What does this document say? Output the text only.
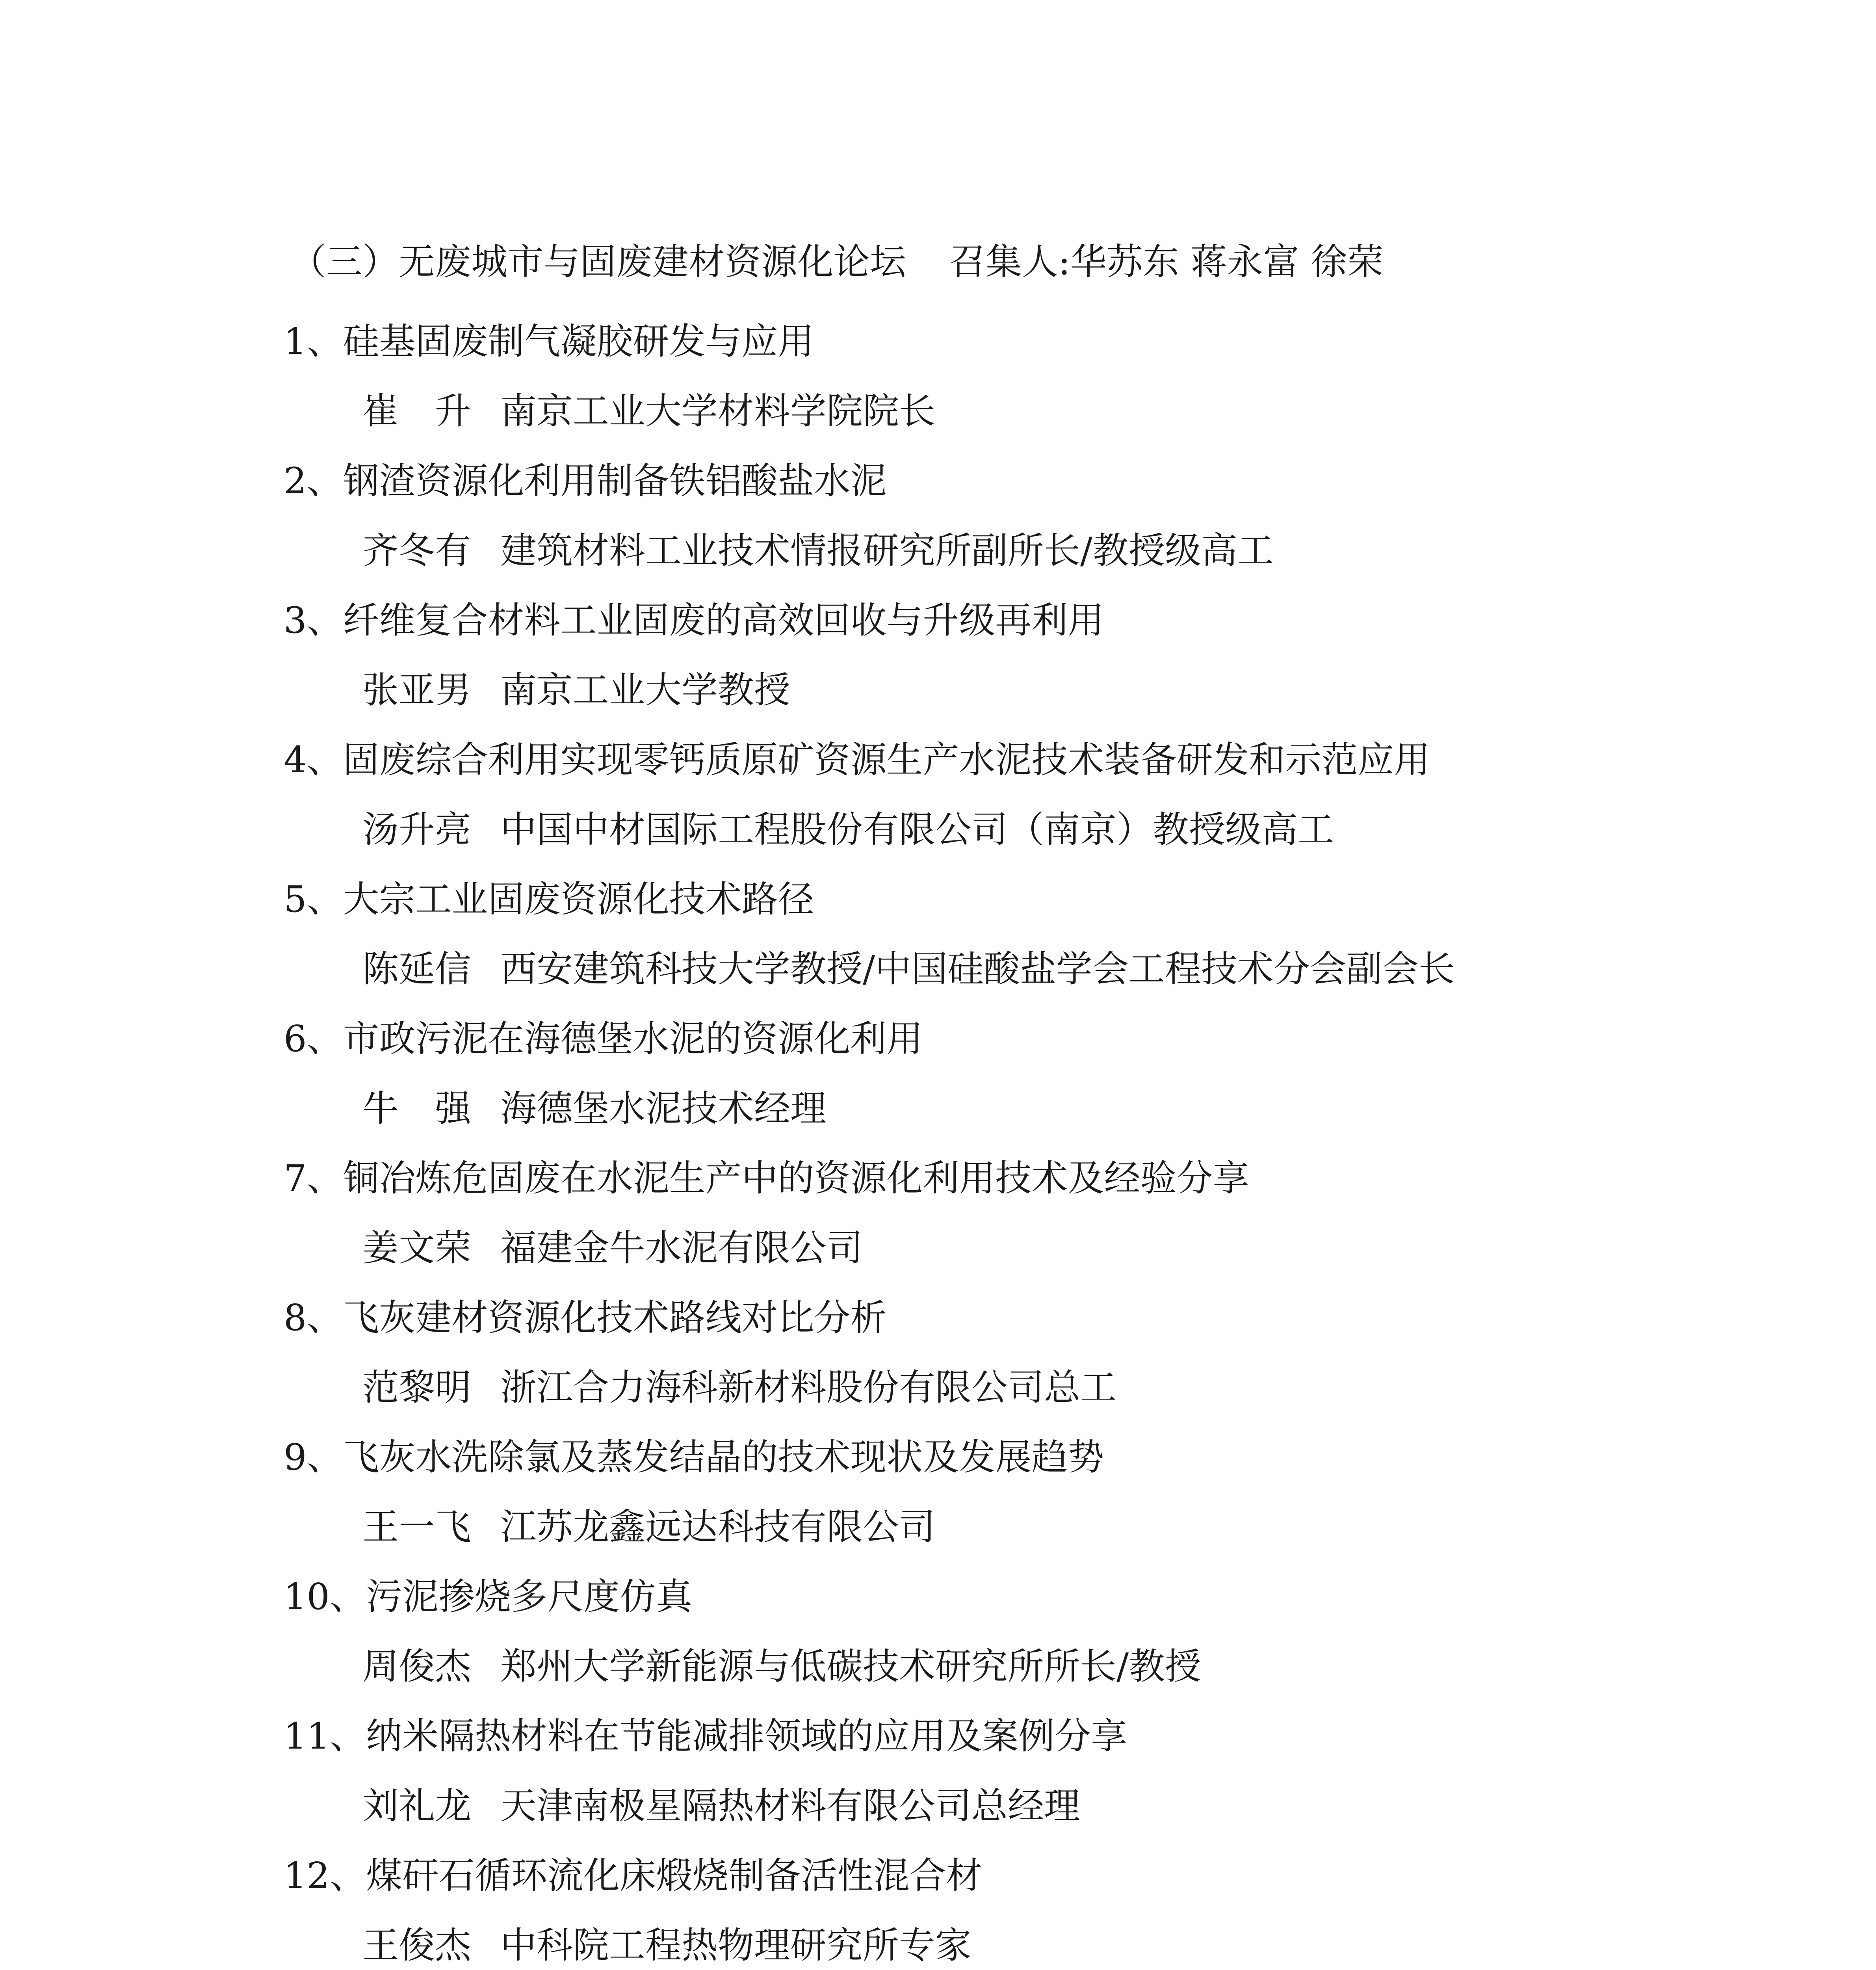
（三）无废城市与固废建材资源化论坛 召集人:华苏东 蒋永富 徐荣
1、硅基固废制气凝胶研发与应用
崔　升 南京工业大学材料学院院长
2、钢渣资源化利用制备铁铝酸盐水泥
齐冬有 建筑材料工业技术情报研究所副所长/教授级高工
3、纤维复合材料工业固废的高效回收与升级再利用
张亚男 南京工业大学教授
4、固废综合利用实现零钙质原矿资源生产水泥技术装备研发和示范应用
汤升亮 中国中材国际工程股份有限公司（南京）教授级高工
5、大宗工业固废资源化技术路径
陈延信 西安建筑科技大学教授/中国硅酸盐学会工程技术分会副会长
6、市政污泥在海德堡水泥的资源化利用
牛　强 海德堡水泥技术经理
7、铜冶炼危固废在水泥生产中的资源化利用技术及经验分享
姜文荣 福建金牛水泥有限公司
8、飞灰建材资源化技术路线对比分析
范黎明 浙江合力海科新材料股份有限公司总工
9、飞灰水洗除氯及蒸发结晶的技术现状及发展趋势
王一飞 江苏龙鑫远达科技有限公司
10、污泥掺烧多尺度仿真
周俊杰 郑州大学新能源与低碳技术研究所所长/教授
11、纳米隔热材料在节能减排领域的应用及案例分享
刘礼龙 天津南极星隔热材料有限公司总经理
12、煤矸石循环流化床煅烧制备活性混合材
王俊杰 中科院工程热物理研究所专家
